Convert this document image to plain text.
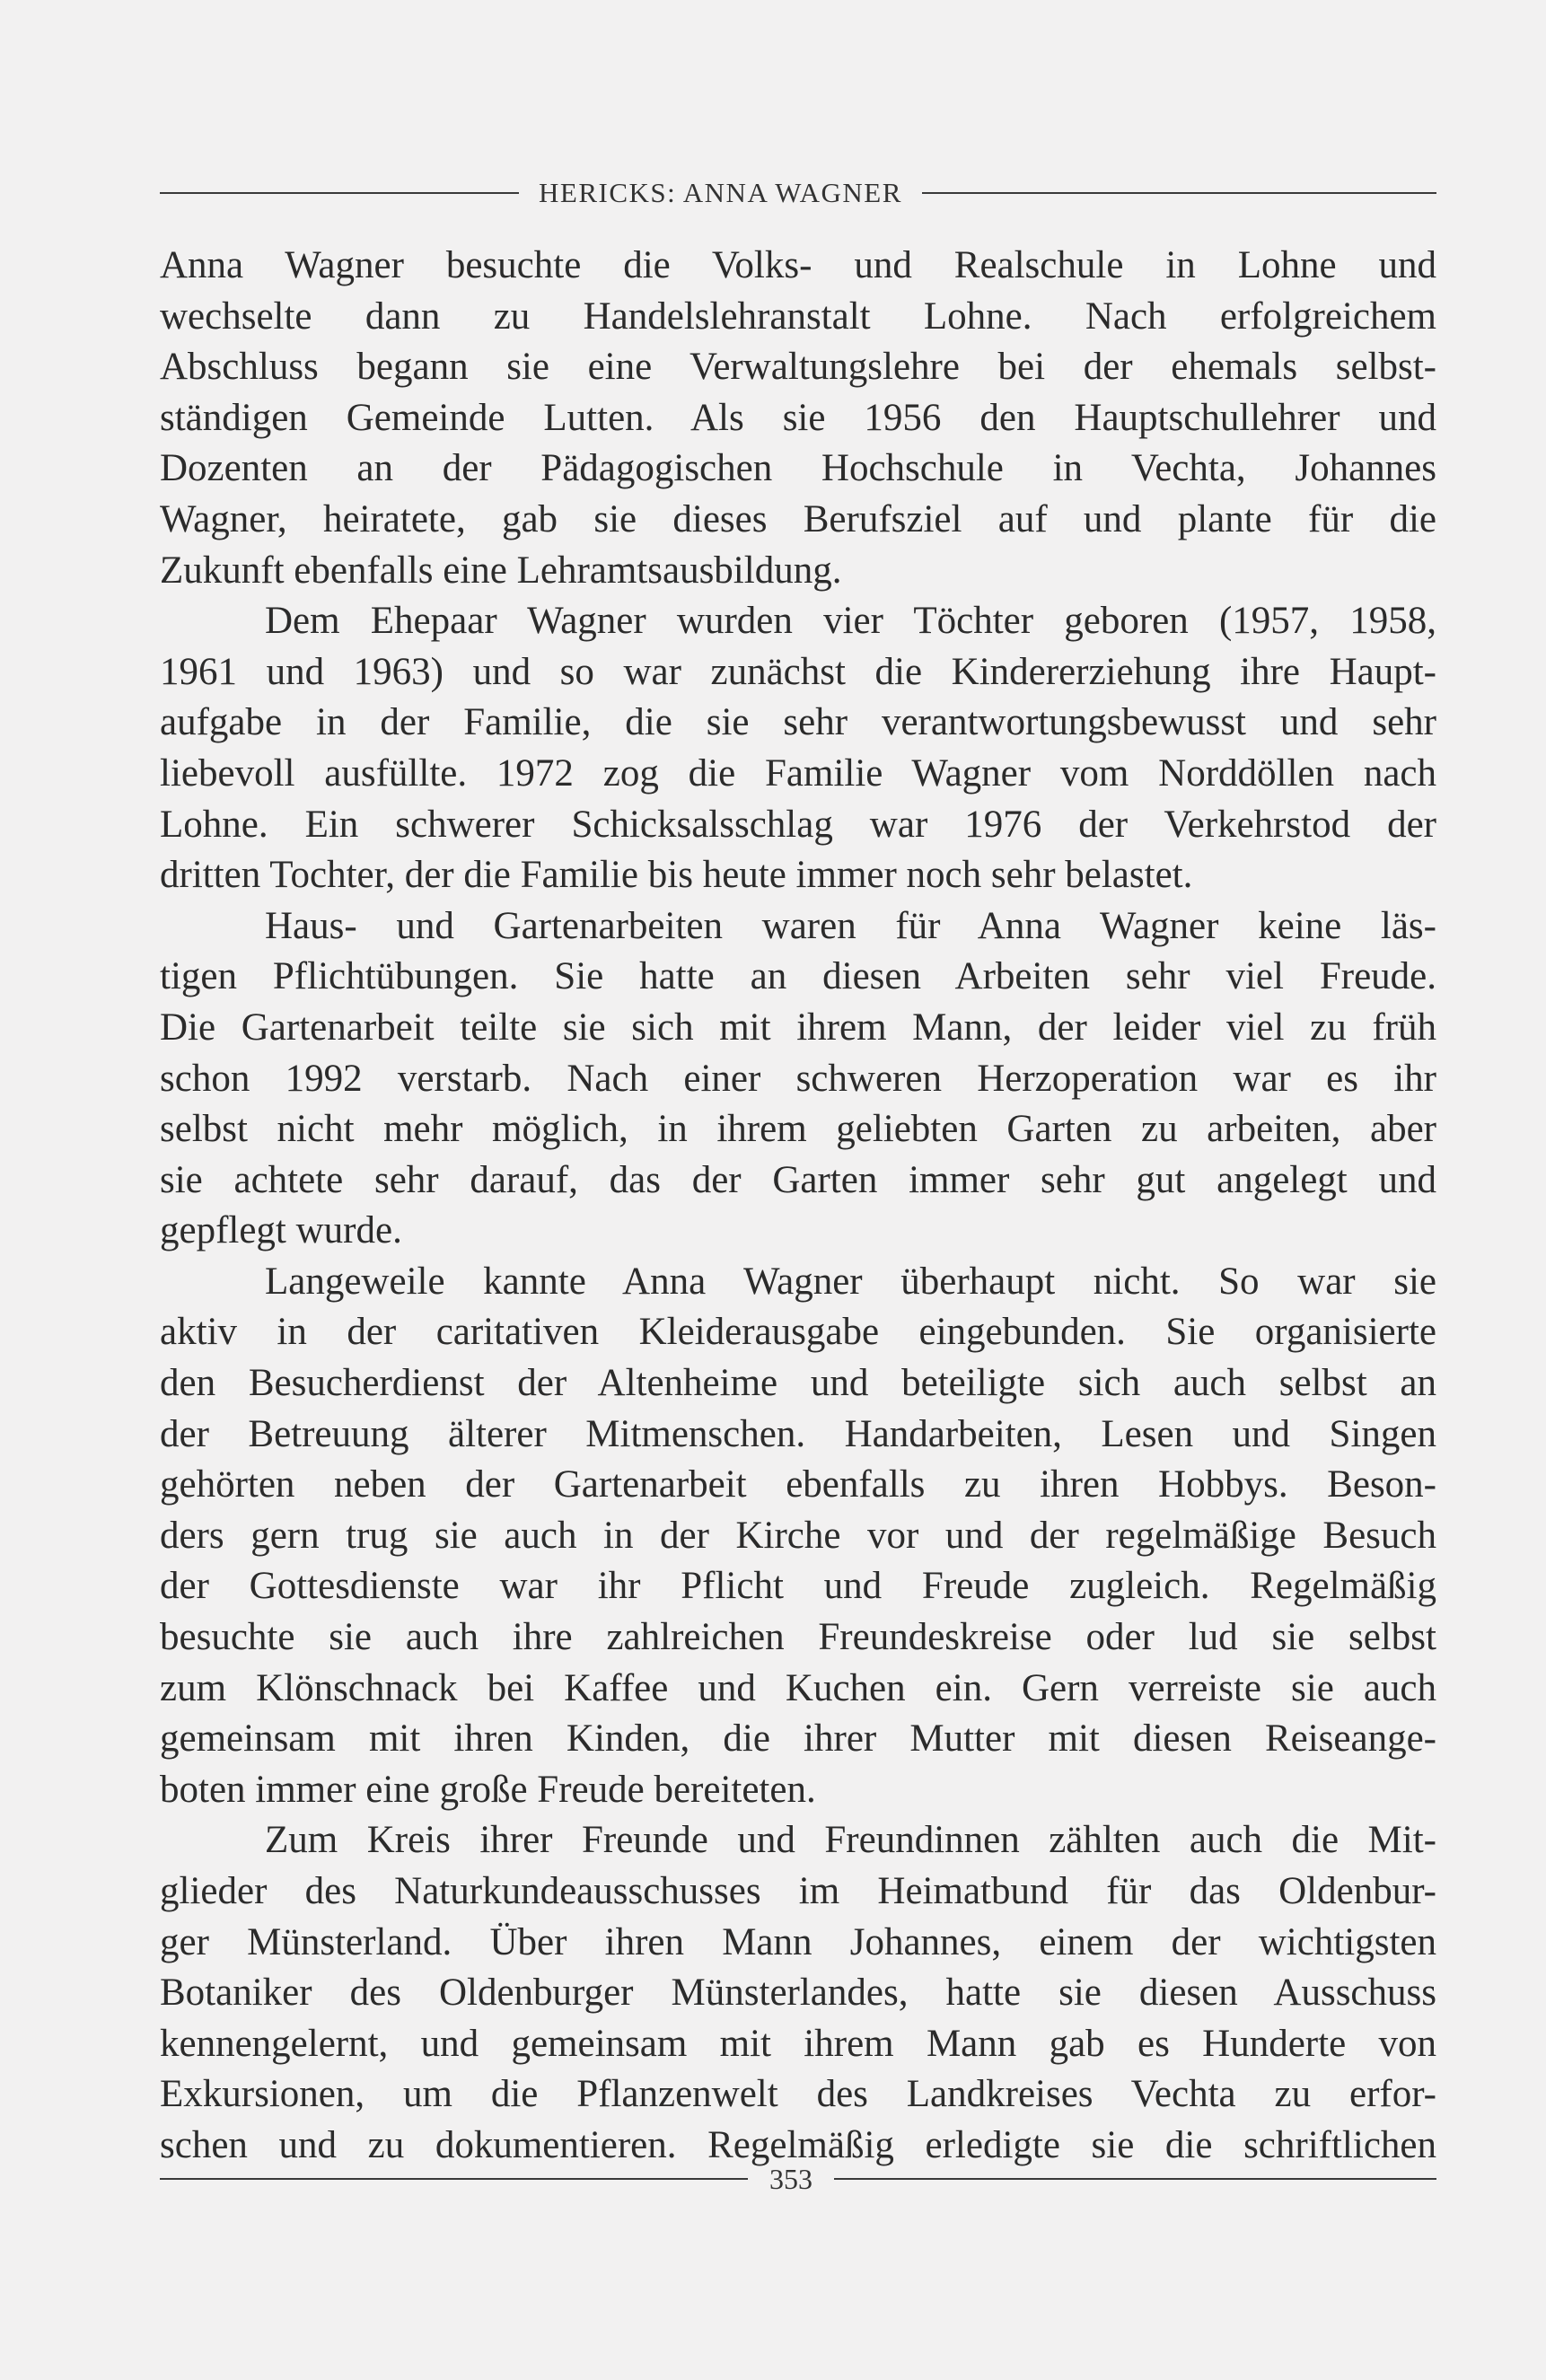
HERICKS: ANNA WAGNER
Anna Wagner besuchte die Volks- und Realschule in Lohne und
wechselte dann zu Handelslehranstalt Lohne. Nach erfolgreichem
Abschluss begann sie eine Verwaltungslehre bei der ehemals selbst-
ständigen Gemeinde Lutten. Als sie 1956 den Hauptschullehrer und
Dozenten an der Pädagogischen Hochschule in Vechta, Johannes
Wagner, heiratete, gab sie dieses Berufsziel auf und plante für die
Zukunft ebenfalls eine Lehramtsausbildung.
Dem Ehepaar Wagner wurden vier Töchter geboren (1957, 1958,
1961 und 1963) und so war zunächst die Kindererziehung ihre Haupt-
aufgabe in der Familie, die sie sehr verantwortungsbewusst und sehr
liebevoll ausfüllte. 1972 zog die Familie Wagner vom Norddöllen nach
Lohne. Ein schwerer Schicksalsschlag war 1976 der Verkehrstod der
dritten Tochter, der die Familie bis heute immer noch sehr belastet.
Haus- und Gartenarbeiten waren für Anna Wagner keine läs-
tigen Pflichtübungen. Sie hatte an diesen Arbeiten sehr viel Freude.
Die Gartenarbeit teilte sie sich mit ihrem Mann, der leider viel zu früh
schon 1992 verstarb. Nach einer schweren Herzoperation war es ihr
selbst nicht mehr möglich, in ihrem geliebten Garten zu arbeiten, aber
sie achtete sehr darauf, das der Garten immer sehr gut angelegt und
gepflegt wurde.
Langeweile kannte Anna Wagner überhaupt nicht. So war sie
aktiv in der caritativen Kleiderausgabe eingebunden. Sie organisierte
den Besucherdienst der Altenheime und beteiligte sich auch selbst an
der Betreuung älterer Mitmenschen. Handarbeiten, Lesen und Singen
gehörten neben der Gartenarbeit ebenfalls zu ihren Hobbys. Beson-
ders gern trug sie auch in der Kirche vor und der regelmäßige Besuch
der Gottesdienste war ihr Pflicht und Freude zugleich. Regelmäßig
besuchte sie auch ihre zahlreichen Freundeskreise oder lud sie selbst
zum Klönschnack bei Kaffee und Kuchen ein. Gern verreiste sie auch
gemeinsam mit ihren Kinden, die ihrer Mutter mit diesen Reiseange-
boten immer eine große Freude bereiteten.
Zum Kreis ihrer Freunde und Freundinnen zählten auch die Mit-
glieder des Naturkundeausschusses im Heimatbund für das Oldenbur-
ger Münsterland. Über ihren Mann Johannes, einem der wichtigsten
Botaniker des Oldenburger Münsterlandes, hatte sie diesen Ausschuss
kennengelernt, und gemeinsam mit ihrem Mann gab es Hunderte von
Exkursionen, um die Pflanzenwelt des Landkreises Vechta zu erfor-
schen und zu dokumentieren. Regelmäßig erledigte sie die schriftlichen
353
